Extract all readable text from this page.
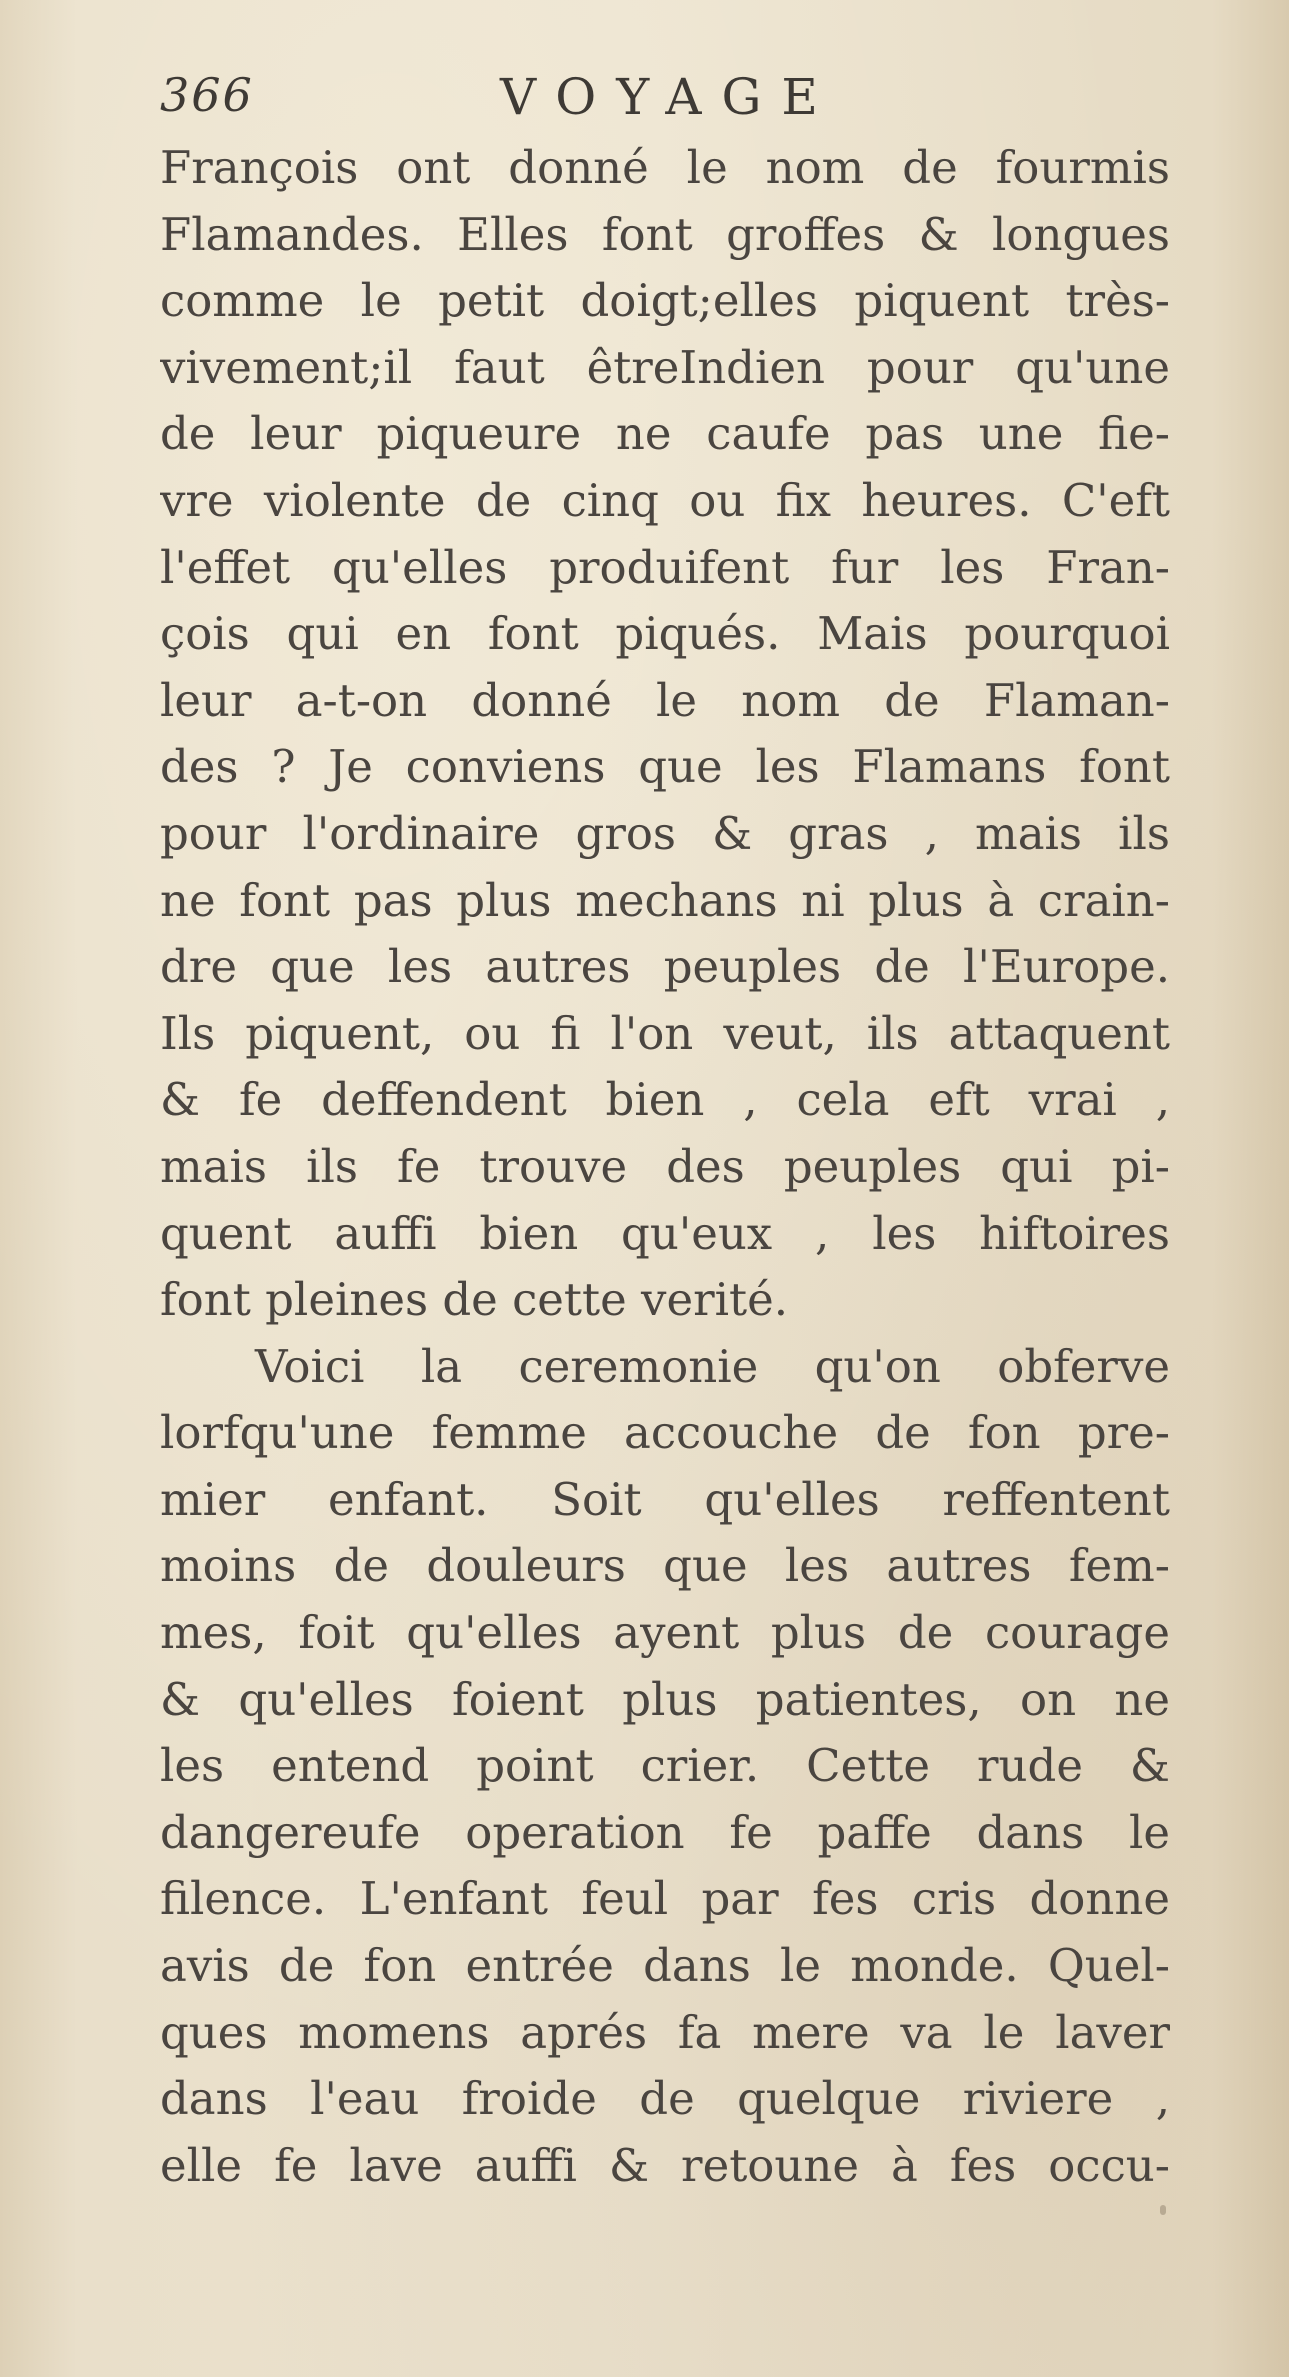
366	VOYAGE
François ont donné le nom de fourmis
Flamandes. Elles font groffes & longues
comme le petit doigt;elles piquent très-
vivement;il faut êtreIndien pour qu'une
de leur piqueure ne caufe pas une fie-
vre violente de cinq ou fix heures. C'eft
l'effet qu'elles produifent fur les Fran-
çois qui en font piqués. Mais pourquoi
leur a-t-on donné le nom de Flaman-
des ? Je conviens que les Flamans font
pour l'ordinaire gros & gras , mais ils
ne font pas plus mechans ni plus à crain-
dre que les autres peuples de l'Europe.
Ils piquent, ou fi l'on veut, ils attaquent
& fe deffendent bien , cela eft vrai ,
mais ils fe trouve des peuples qui pi-
quent auffi bien qu'eux , les hiftoires
font pleines de cette verité.
Voici la ceremonie qu'on obferve
lorfqu'une femme accouche de fon pre-
mier enfant. Soit qu'elles reffentent
moins de douleurs que les autres fem-
mes, foit qu'elles ayent plus de courage
& qu'elles foient plus patientes, on ne
les entend point crier. Cette rude &
dangereufe operation fe paffe dans le
filence. L'enfant feul par fes cris donne
avis de fon entrée dans le monde. Quel-
ques momens aprés fa mere va le laver
dans l'eau froide de quelque riviere ,
elle fe lave auffi & retoune à fes occu-
